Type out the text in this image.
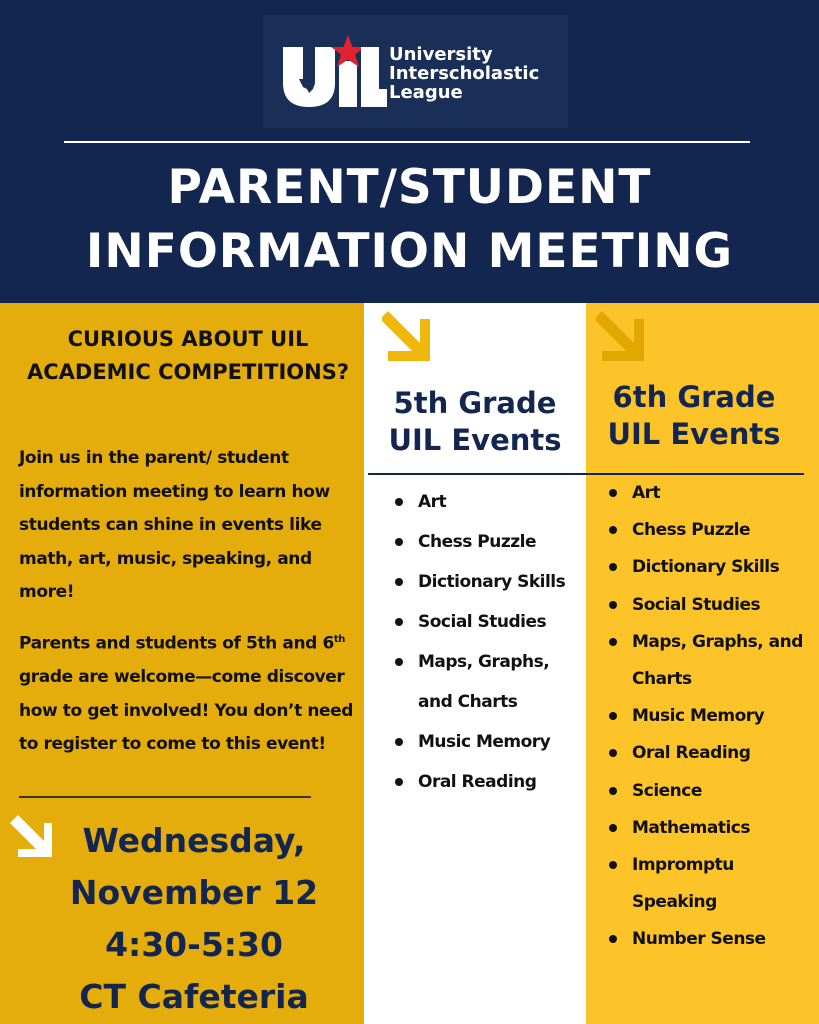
UIL
University
Interscholastic
League
PARENT/STUDENT
INFORMATION MEETING
CURIOUS ABOUT UIL ACADEMIC COMPETITIONS?
Join us in the parent/ student information meeting to learn how students can shine in events like math, art, music, speaking, and more!
Parents and students of 5th and 6th grade are welcome—come discover how to get involved! You don’t need to register to come to this event!
Wednesday,
November 12
4:30-5:30
CT Cafeteria
5th Grade
UIL Events
Art
Chess Puzzle
Dictionary Skills
Social Studies
Maps, Graphs, and Charts
Music Memory
Oral Reading
6th Grade
UIL Events
Art
Chess Puzzle
Dictionary Skills
Social Studies
Maps, Graphs, and Charts
Music Memory
Oral Reading
Science
Mathematics
Impromptu Speaking
Number Sense
